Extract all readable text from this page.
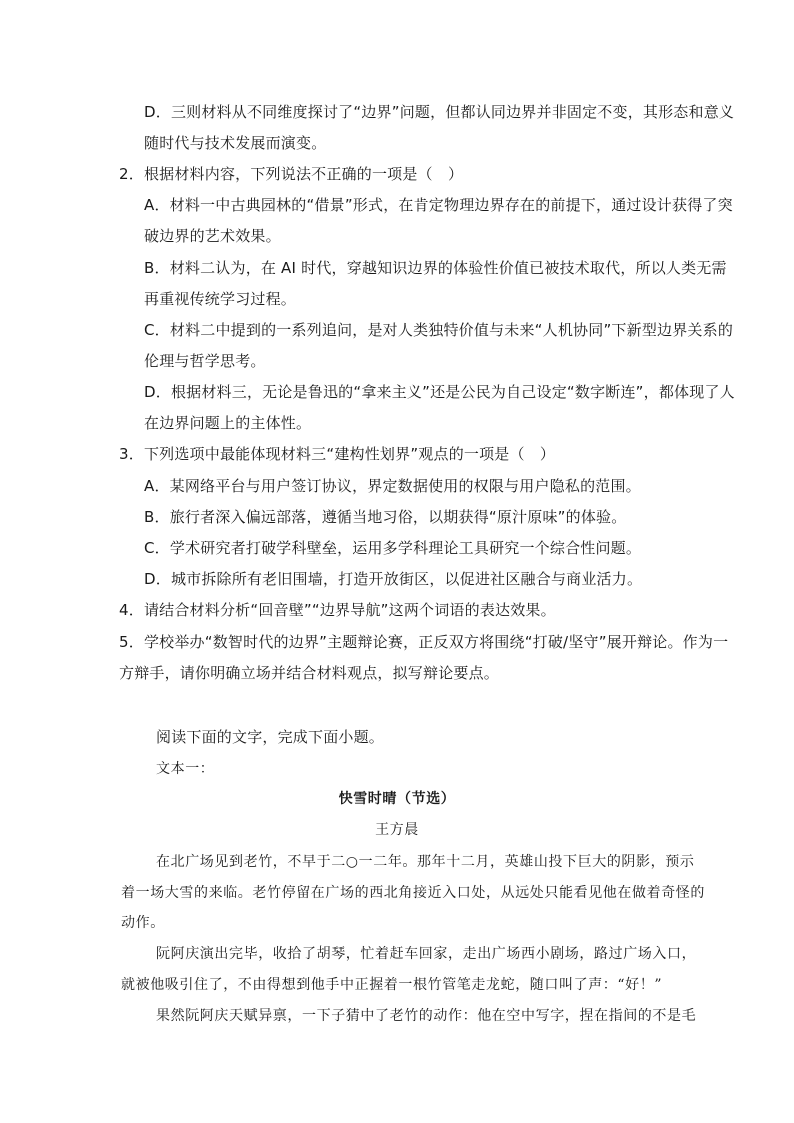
D．三则材料从不同维度探讨了“边界”问题，但都认同边界并非固定不变，其形态和意义
随时代与技术发展而演变。
2．根据材料内容，下列说法不正确的一项是（　）
A．材料一中古典园林的“借景”形式，在肯定物理边界存在的前提下，通过设计获得了突
破边界的艺术效果。
B．材料二认为，在 AI 时代，穿越知识边界的体验性价值已被技术取代，所以人类无需
再重视传统学习过程。
C．材料二中提到的一系列追问，是对人类独特价值与未来“人机协同”下新型边界关系的
伦理与哲学思考。
D．根据材料三，无论是鲁迅的“拿来主义”还是公民为自己设定“数字断连”，都体现了人
在边界问题上的主体性。
3．下列选项中最能体现材料三“建构性划界”观点的一项是（　）
A．某网络平台与用户签订协议，界定数据使用的权限与用户隐私的范围。
B．旅行者深入偏远部落，遵循当地习俗，以期获得“原汁原味”的体验。
C．学术研究者打破学科壁垒，运用多学科理论工具研究一个综合性问题。
D．城市拆除所有老旧围墙，打造开放街区，以促进社区融合与商业活力。
4．请结合材料分析“回音壁”“边界导航”这两个词语的表达效果。
5．学校举办“数智时代的边界”主题辩论赛，正反双方将围绕“打破/坚守”展开辩论。作为一
方辩手，请你明确立场并结合材料观点，拟写辩论要点。
阅读下面的文字，完成下面小题。
文本一：
快雪时晴（节选）
王方晨
在北广场见到老竹，不早于二○一二年。那年十二月，英雄山投下巨大的阴影，预示
着一场大雪的来临。老竹停留在广场的西北角接近入口处，从远处只能看见他在做着奇怪的
动作。
阮阿庆演出完毕，收拾了胡琴，忙着赶车回家，走出广场西小剧场，路过广场入口，
就被他吸引住了，不由得想到他手中正握着一根竹管笔走龙蛇，随口叫了声：“好！”
果然阮阿庆天赋异禀，一下子猜中了老竹的动作：他在空中写字，捏在指间的不是毛
